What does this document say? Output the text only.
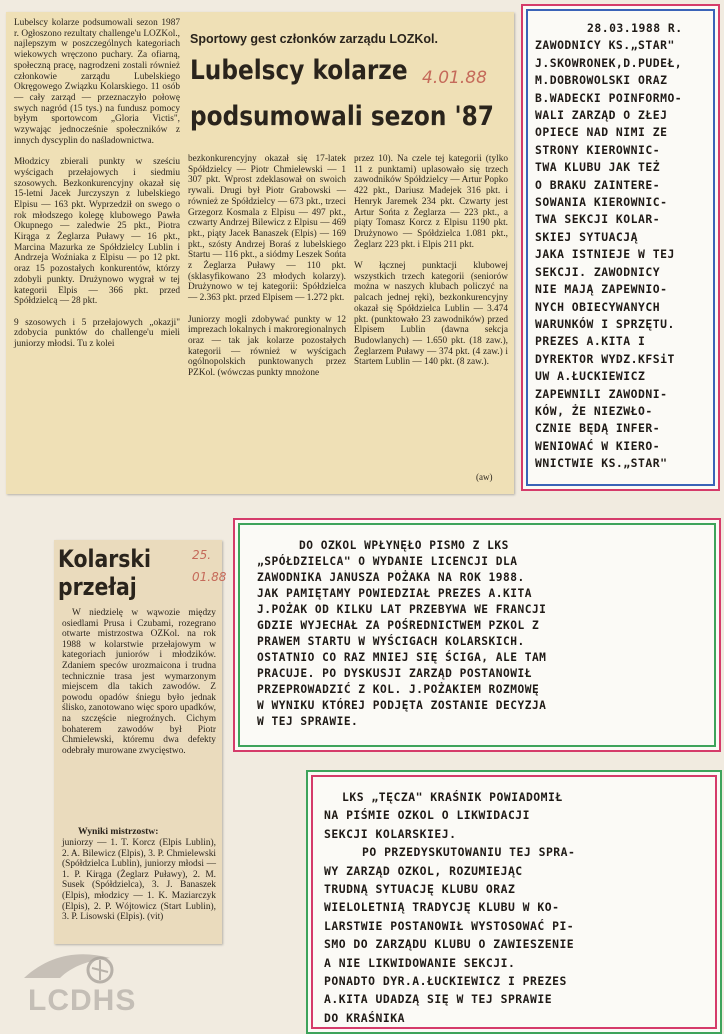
Lubelscy kolarze podsumowali sezon 1987 r. Ogłoszono rezultaty challenge'u LOZKol., najlepszym w poszczególnych kategoriach wiekowych wręczono puchary. Za ofiarną, społeczną pracę, nagrodzeni zostali również członkowie zarządu Lubelskiego Okręgowego Związku Kolarskiego. 11 osób — cały zarząd — przeznaczyło połowę swych nagród (15 tys.) na fundusz pomocy byłym sportowcom „Gloria Victis", wzywając jednocześnie społeczników z innych dyscyplin do naśladownictwa.

Młodzicy zbierali punkty w sześciu wyścigach przełajowych i siedmiu szosowych. Bezkonkurencyjny okazał się 15-letni Jacek Jurczyszyn z lubelskiego Elpisu — 163 pkt. Wyprzedził on swego o rok młodszego kolegę klubowego Pawła Okupnego — zaledwie 25 pkt., Piotra Kirąga z Żeglarza Puławy — 16 pkt., Marcina Mazurka ze Spółdzielcy Lublin i Andrzeja Woźniaka z Elpisu — po 12 pkt. oraz 15 pozostałych konkurentów, którzy zdobyli punkty. Drużynowo wygrał w tej kategorii Elpis — 366 pkt. przed Spółdzielcą — 28 pkt.

9 szosowych i 5 przełajowych „okazji" zdobycia punktów do challenge'u mieli juniorzy młodsi. Tu z kolei
Sportowy gest członków zarządu LOZKol.
Lubelscy kolarze
podsumowali sezon '87
4.01.88
bezkonkurencyjny okazał się 17-latek Spółdzielcy — Piotr Chmielewski — 1 307 pkt. Wprost zdeklasował on swoich rywali. Drugi był Piotr Grabowski — również ze Spółdzielcy — 673 pkt., trzeci Grzegorz Kosmala z Elpisu — 497 pkt., czwarty Andrzej Bilewicz z Elpisu — 469 pkt., piąty Jacek Banaszek (Elpis) — 169 pkt., szósty Andrzej Boraś z lubelskiego Startu — 116 pkt., a siódmy Leszek Sońta z Żeglarza Puławy — 110 pkt. (sklasyfikowano 23 młodych kolarzy). Drużynowo w tej kategorii: Spółdzielca — 2.363 pkt. przed Elpisem — 1.272 pkt.

Juniorzy mogli zdobywać punkty w 12 imprezach lokalnych i makroregionalnych oraz — tak jak kolarze pozostałych kategorii — również w wyścigach ogólnopolskich punktowanych przez PZKol. (wówczas punkty mnożone
przez 10). Na czele tej kategorii (tylko 11 z punktami) uplasowało się trzech zawodników Spółdzielcy — Artur Popko 422 pkt., Dariusz Madejek 316 pkt. i Henryk Jaremek 234 pkt. Czwarty jest Artur Sońta z Żeglarza — 223 pkt., a piąty Tomasz Korcz z Elpisu 1190 pkt. Drużynowo — Spółdzielca 1.081 pkt., Żeglarz 223 pkt. i Elpis 211 pkt.

W łącznej punktacji klubowej wszystkich trzech kategorii (seniorów można w naszych klubach policzyć na palcach jednej ręki), bezkonkurencyjny okazał się Spółdzielca Lublin — 3.474 pkt. (punktowało 23 zawodników) przed Elpisem Lublin (dawna sekcja Budowlanych) — 1.650 pkt. (18 zaw.), Żeglarzem Puławy — 374 pkt. (4 zaw.) i Startem Lublin — 140 pkt. (8 zaw.).
(aw)
28.03.1988 R.
ZAWODNICY KS.„STAR"
J.SKOWRONEK,D.PUDEŁ,
M.DOBROWOLSKI ORAZ
B.WADECKI POINFORMO-
WALI ZARZĄD O ZŁEJ
OPIECE NAD NIMI ZE
STRONY KIEROWNIC-
TWA KLUBU JAK TEŻ
O BRAKU ZAINTERE-
SOWANIA KIEROWNIC-
TWA SEKCJI KOLAR-
SKIEJ SYTUACJĄ
JAKA ISTNIEJE W TEJ
SEKCJI. ZAWODNICY
NIE MAJĄ ZAPEWNIO-
NYCH OBIECYWANYCH
WARUNKÓW I SPRZĘTU.
PREZES A.KITA I
DYREKTOR WYDZ.KFSiT
UW A.ŁUCKIEWICZ
ZAPEWNILI ZAWODNI-
KÓW, ŻE NIEZWŁO-
CZNIE BĘDĄ INFER-
WENIOWAĆ W KIERO-
WNICTWIE KS.„STAR"
Kolarski
przełaj
25.
01.88
W niedzielę w wąwozie między osiedlami Prusa i Czubami, rozegrano otwarte mistrzostwa OZKol. na rok 1988 w kolarstwie przełajowym w kategoriach juniorów i młodzików. Zdaniem speców urozmaicona i trudna technicznie trasa jest wymarzonym miejscem dla takich zawodów. Z powodu opadów śniegu było jednak ślisko, zanotowano więc sporo upadków, na szczęście niegroźnych. Cichym bohaterem zawodów był Piotr Chmielewski, któremu dwa defekty odebrały murowane zwycięstwo.
Wyniki mistrzostw:
juniorzy — 1. T. Korcz (Elpis Lublin), 2. A. Bilewicz (Elpis), 3. P. Chmielewski (Spółdzielca Lublin), juniorzy młodsi — 1. P. Kirąga (Żeglarz Puławy), 2. M. Susek (Spółdzielca), 3. J. Banaszek (Elpis), młodzicy — 1. K. Maziarczyk (Elpis), 2. P. Wójtowicz (Start Lublin), 3. P. Lisowski (Elpis). (vit)
DO OZKOL WPŁYNĘŁO PISMO Z LKS
„SPÓŁDZIELCA" O WYDANIE LICENCJI DLA
ZAWODNIKA JANUSZA POŻAKA NA ROK 1988.
JAK PAMIĘTAMY POWIEDZIAŁ PREZES A.KITA
J.POŻAK OD KILKU LAT PRZEBYWA WE FRANCJI
GDZIE WYJECHAŁ ZA POŚREDNICTWEM PZKOL Z
PRAWEM STARTU W WYŚCIGACH KOLARSKICH.
OSTATNIO CO RAZ MNIEJ SIĘ ŚCIGA, ALE TAM
PRACUJE. PO DYSKUSJI ZARZĄD POSTANOWIŁ
PRZEPROWADZIĆ Z KOL. J.POŻAKIEM ROZMOWĘ
W WYNIKU KTÓREJ PODJĘTA ZOSTANIE DECYZJA
W TEJ SPRAWIE.
LKS „TĘCZA" KRAŚNIK POWIADOMIŁ
NA PIŚMIE OZKOL O LIKWIDACJI
SEKCJI KOLARSKIEJ.
PO PRZEDYSKUTOWANIU TEJ SPRA-
WY ZARZĄD OZKOL, ROZUMIEJĄC
TRUDNĄ SYTUACJĘ KLUBU ORAZ
WIELOLETNIĄ TRADYCJĘ KLUBU W KO-
LARSTWIE POSTANOWIŁ WYSTOSOWAĆ PI-
SMO DO ZARZĄDU KLUBU O ZAWIESZENIE
A NIE LIKWIDOWANIE SEKCJI.
PONADTO DYR.A.ŁUCKIEWICZ I PREZES
A.KITA UDADZĄ SIĘ W TEJ SPRAWIE
DO KRAŚNIKA
LCDHS
